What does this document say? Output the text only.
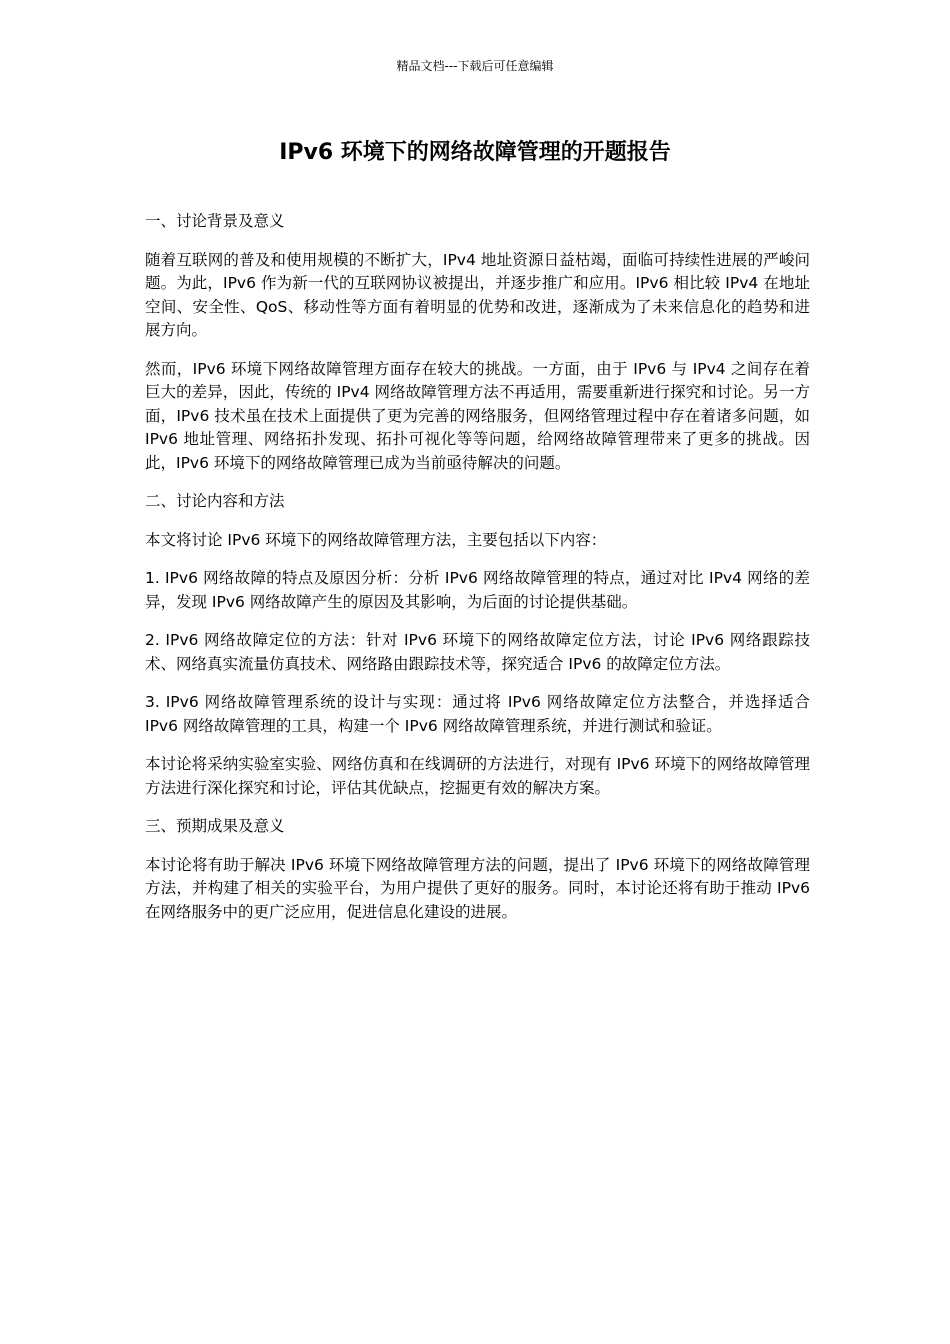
精品文档---下载后可任意编辑
IPv6 环境下的网络故障管理的开题报告
一、讨论背景及意义

随着互联网的普及和使用规模的不断扩大，IPv4 地址资源日益枯竭，面临可持续性进展的严峻问题。为此，IPv6 作为新一代的互联网协议被提出，并逐步推广和应用。IPv6 相比较 IPv4 在地址空间、安全性、QoS、移动性等方面有着明显的优势和改进，逐渐成为了未来信息化的趋势和进展方向。

然而，IPv6 环境下网络故障管理方面存在较大的挑战。一方面，由于 IPv6 与 IPv4 之间存在着巨大的差异，因此，传统的 IPv4 网络故障管理方法不再适用，需要重新进行探究和讨论。另一方面，IPv6 技术虽在技术上面提供了更为完善的网络服务，但网络管理过程中存在着诸多问题，如 IPv6 地址管理、网络拓扑发现、拓扑可视化等等问题，给网络故障管理带来了更多的挑战。因此，IPv6 环境下的网络故障管理已成为当前亟待解决的问题。

二、讨论内容和方法

本文将讨论 IPv6 环境下的网络故障管理方法，主要包括以下内容：

1. IPv6 网络故障的特点及原因分析：分析 IPv6 网络故障管理的特点，通过对比 IPv4 网络的差异，发现 IPv6 网络故障产生的原因及其影响，为后面的讨论提供基础。

2. IPv6 网络故障定位的方法：针对 IPv6 环境下的网络故障定位方法，讨论 IPv6 网络跟踪技术、网络真实流量仿真技术、网络路由跟踪技术等，探究适合 IPv6 的故障定位方法。

3. IPv6 网络故障管理系统的设计与实现：通过将 IPv6 网络故障定位方法整合，并选择适合 IPv6 网络故障管理的工具，构建一个 IPv6 网络故障管理系统，并进行测试和验证。

本讨论将采纳实验室实验、网络仿真和在线调研的方法进行，对现有 IPv6 环境下的网络故障管理方法进行深化探究和讨论，评估其优缺点，挖掘更有效的解决方案。

三、预期成果及意义

本讨论将有助于解决 IPv6 环境下网络故障管理方法的问题，提出了 IPv6 环境下的网络故障管理方法，并构建了相关的实验平台，为用户提供了更好的服务。同时，本讨论还将有助于推动 IPv6 在网络服务中的更广泛应用，促进信息化建设的进展。
